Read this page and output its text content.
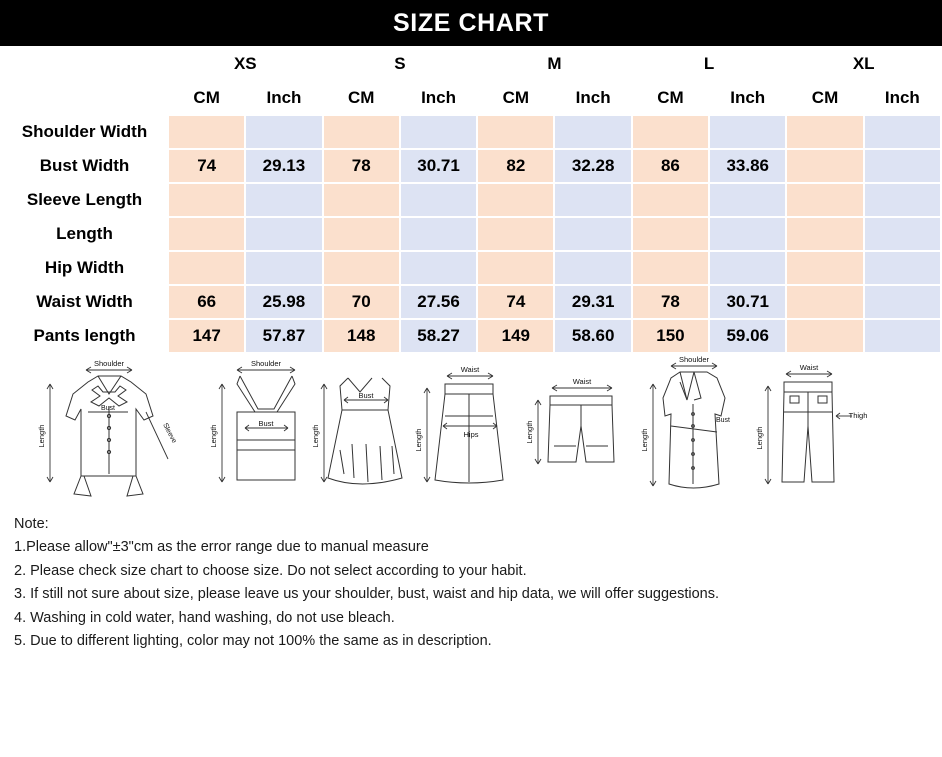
SIZE CHART
	XS		S		M		L		XL	
	CM	Inch	CM	Inch	CM	Inch	CM	Inch	CM	Inch
Shoulder Width										
Bust Width	74	29.13	78	30.71	82	32.28	86	33.86		
Sleeve Length										
Length										
Hip Width										
Waist Width	66	25.98	70	27.56	74	29.31	78	30.71		
Pants length	147	57.87	148	58.27	149	58.60	150	59.06		
Shoulder
Length
Bust
Sleeve
Shoulder
Length
Bust
Bust
Length
Waist
Length	Hips
Waist
Length
Shoulder
Length
Bust
Waist
Length
Thigh
Note:
1.Please allow"±3"cm as the error range due to manual measure
2. Please check size chart to choose size. Do not select according to your habit.
3. If still not sure about size, please leave us your shoulder, bust, waist and hip data, we will offer suggestions.
4. Washing in cold water, hand washing, do not use bleach.
5. Due to different lighting, color may not 100% the same as in description.
